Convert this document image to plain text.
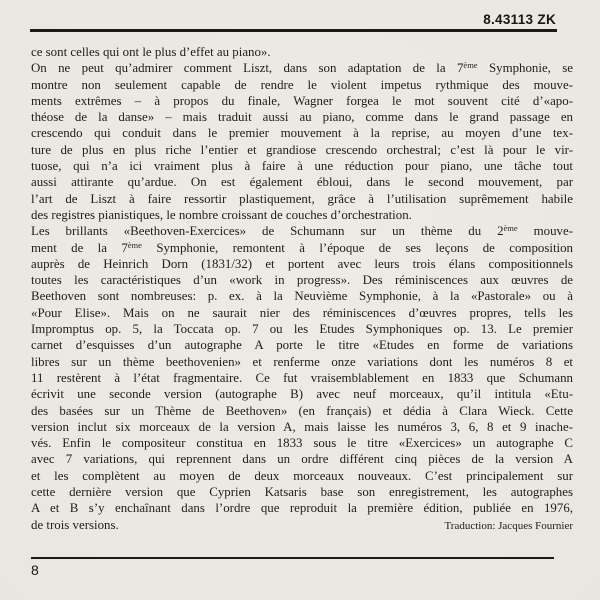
8.43113 ZK
ce sont celles qui ont le plus d’effet au piano».
On ne peut qu’admirer comment Liszt, dans son adaptation de la 7ème Symphonie, se
montre non seulement capable de rendre le violent impetus rythmique des mouve-
ments extrêmes – à propos du finale, Wagner forgea le mot souvent cité d’«apo-
théose de la danse» – mais traduit aussi au piano, comme dans le grand passage en
crescendo qui conduit dans le premier mouvement à la reprise, au moyen d’une tex-
ture de plus en plus riche l’entier et grandiose crescendo orchestral; c’est là pour le vir-
tuose, qui n’a ici vraiment plus à faire à une réduction pour piano, une tâche tout
aussi attirante qu’ardue. On est également ébloui, dans le second mouvement, par
l’art de Liszt à faire ressortir plastiquement, grâce à l’utilisation suprêmement habile
des registres pianistiques, le nombre croissant de couches d’orchestration.
Les brillants «Beethoven-Exercices» de Schumann sur un thème du 2ème mouve-
ment de la 7ème Symphonie, remontent à l’époque de ses leçons de composition
auprès de Heinrich Dorn (1831/32) et portent avec leurs trois élans compositionnels
toutes les caractéristiques d’un «work in progress». Des réminiscences aux œuvres de
Beethoven sont nombreuses: p. ex. à la Neuvième Symphonie, à la «Pastorale» ou à
«Pour Elise». Mais on ne saurait nier des réminiscences d’œuvres propres, tells les
Impromptus op. 5, la Toccata op. 7 ou les Etudes Symphoniques op. 13. Le premier
carnet d’esquisses d’un autographe A porte le titre «Etudes en forme de variations
libres sur un thème beethovenien» et renferme onze variations dont les numéros 8 et
11 restèrent à l’état fragmentaire. Ce fut vraisemblablement en 1833 que Schumann
écrivit une seconde version (autographe B) avec neuf morceaux, qu’il intitula «Etu-
des basées sur un Thème de Beethoven» (en français) et dédia à Clara Wieck. Cette
version inclut six morceaux de la version A, mais laisse les numéros 3, 6, 8 et 9 inache-
vés. Enfin le compositeur constitua en 1833 sous le titre «Exercices» un autographe C
avec 7 variations, qui reprennent dans un ordre différent cinq pièces de la version A
et les complètent au moyen de deux morceaux nouveaux. C’est principalement sur
cette dernière version que Cyprien Katsaris base son enregistrement, les autographes
A et B s’y enchaînant dans l’ordre que reproduit la première édition, publiée en 1976,
de trois versions.	Traduction: Jacques Fournier
8
